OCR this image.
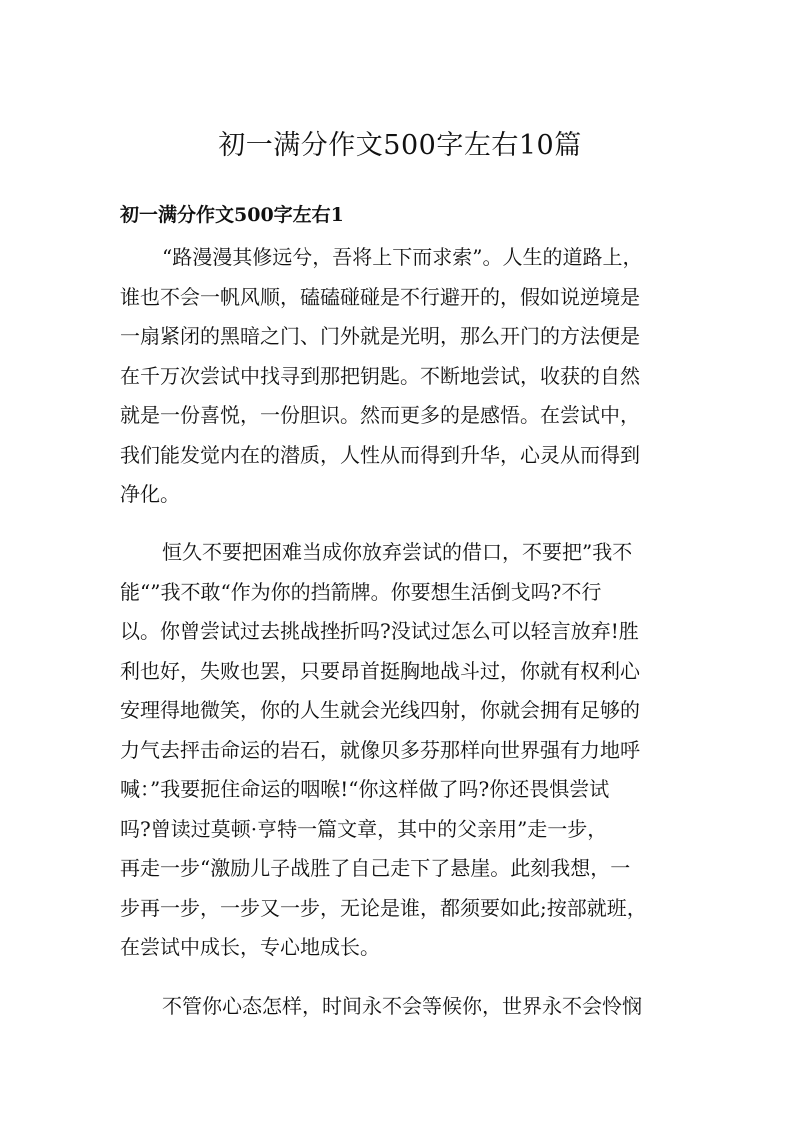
初一满分作文500字左右10篇
初一满分作文500字左右1
“路漫漫其修远兮，吾将上下而求索”。人生的道路上，
谁也不会一帆风顺，磕磕碰碰是不行避开的，假如说逆境是
一扇紧闭的黑暗之门、门外就是光明，那么开门的方法便是
在千万次尝试中找寻到那把钥匙。不断地尝试，收获的自然
就是一份喜悦，一份胆识。然而更多的是感悟。在尝试中，
我们能发觉内在的潜质，人性从而得到升华，心灵从而得到
净化。
恒久不要把困难当成你放弃尝试的借口，不要把”我不
能“”我不敢“作为你的挡箭牌。你要想生活倒戈吗?不行
以。你曾尝试过去挑战挫折吗?没试过怎么可以轻言放弃!胜
利也好，失败也罢，只要昂首挺胸地战斗过，你就有权利心
安理得地微笑，你的人生就会光线四射，你就会拥有足够的
力气去抨击命运的岩石，就像贝多芬那样向世界强有力地呼
喊：”我要扼住命运的咽喉!“你这样做了吗?你还畏惧尝试
吗?曾读过莫顿·亨特一篇文章，其中的父亲用”走一步，
再走一步“激励儿子战胜了自己走下了悬崖。此刻我想，一
步再一步，一步又一步，无论是谁，都须要如此;按部就班，
在尝试中成长，专心地成长。
不管你心态怎样，时间永不会等候你，世界永不会怜悯
